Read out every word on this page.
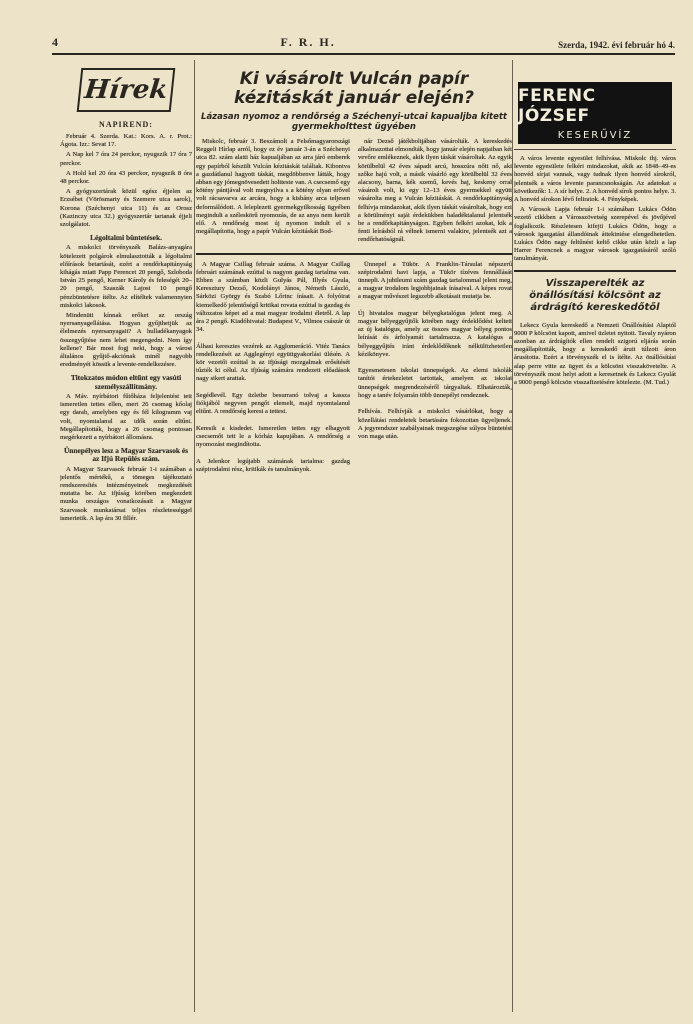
4	F. R. H.	Szerda, 1942. évi február hó 4.
Hírek
NAPIREND:

Február 4. Szerda. Kat.: Kors. A. r. Prot.: Ágota. Izr.: Sevat 17.

A Nap kel 7 óra 24 perckor, nyugszik 17 óra 7 perckor.

A Hold kel 20 óra 43 perckor, nyugszik 8 óra 48 perckor.

A gyógyszertárak közül egész éjjelen az Erzsébet (Vörösmarty és Szemere utca sarok), Korona (Széchenyi utca 11) és az Orosz (Kazinczy utca 32.) gyógyszertár tartanak éjjeli szolgálatot.

Légoltalmi büntetések.

A miskolci törvényszék Balázs-anyagára kötelezett polgárok elmulasztották a légoltalmi előírások betartását, ezért a rendőrkapitányság kihágás miatt Papp Ferencet 20 pengő, Szloboda István 25 pengő, Kerner Károly és feleségét 20–20 pengő, Szaszák Lajost 10 pengő pénzbüntetésre ítélte. Az elítéltek valamennyien miskolci lakosok.

Mindenütt kínnak erőket az ország nyersanyagellátása. Hogyan gyűjthetjük az élelmezés nyersanyagait? A hulladékanyagok összegyűjtése nem lehet megengedni. Nem így kellene? Bár most fogj neki, hogy a városi általános gyűjtő-akciónak minél nagyobb eredményét kössük a levente-rendelkezésre.

Titokzatos módon eltűnt egy vasúti személyszállítmány.

A Máv. nyírbátori fűtőháza feljelentést tett ismeretlen tettes ellen, mert 26 csomag kőolaj egy darab, amelyben egy és fél kilogramm vaj volt, nyomtalanul az idők során eltűnt. Megállapították, hogy a 26 csomag pontosan megérkezett a nyírbátori állomásra.

Ünnepélyes lesz a Magyar Szarvasok és az Ifjú Repülés szám.

A Magyar Szarvasok február 1-i számában a jelentős mértékű, a tömeges tájékoztató rendszeresítés intézményeinek megkezdését mutatta be. Az ifjúság körében megkezdett munka országos vonatkozásait a Magyar Szarvasok munkatársai teljes részletességgel ismertetik. A lap ára 30 fillér.

Ki vásárolt Vulcán papír kézitáskát január elején?
Lázasan nyomoz a rendőrség a Széchenyi-utcai kapualjba kitett gyermekholttest ügyében

Miskolc, február 3. Beszámolt a Felsőmagyarországi Reggeli Hírlap arról, hogy ez év január 3-án a Széchenyi utca 82. szám alatti ház kapualjában az arra járó emberek egy papírból készült Vulcán kézitáskát találtak. Kibontva a gazdátlanul hagyott táskát, megdöbbenve látták, hogy abban egy jómegnövesedett holtteste van. A csecsemő egy kötény pántjával volt megnyilva s a kötény olyan erővel volt rácsavarva az arcára, hogy a kisbány arca teljesen deformálódott. A leleplezett gyermekgyilkosság ügyében megindult a széleskörű nyomozás, de az anya nem került elő. A rendőrség most új nyomon indult el s megállapította, hogy a papír Vulcán kézitáskát Bod-

nár Dezső játékboltjában vásárolták. A kereskedés alkalmazottai elmondták, hogy január elején napjaiban két vevőre emlékeznek, akik ilyen táskát vásároltak. Az egyik körülbelül 42 éves sápadt arcú, hosszúra nőtt nő, aki szőke hajú volt, a másik vásárló egy körülbelül 32 éves alacsony, barna, kék szemű, kevés haj, keskeny orral vásárolt volt, ki egy 12–13 éves gyermekkel együtt vásárolta meg a Vulcán kézitáskát. A rendőrkapitányság felhívja mindazokat, akik ilyen táskát vásároltak, hogy ezt a körülményt saját érdekükben haladéktalanul jelentsék be a rendőrkapitányságon. Egyben felkéri azokat, kik a fenti leírásból rá vélnek ismerni valakire, jelentsék azt a rendőrhatóságnál.

A Magyar Csillag február száma. A Magyar Csillag februári számának ezúttal is nagyon gazdag tartalma van. Ebben a számban közli Gulyás Pál, Illyés Gyula, Keresztury Dezső, Kodolányi János, Németh László, Sárközi György és Szabó Lőrinc írásait. A folyóirat kiemelkedő jelentőségű kritikai rovata ezúttal is gazdag és változatos képet ad a mai magyar irodalmi életről. A lap ára 2 pengő. Kiadóhivatal: Budapest V., Vilmos császár út 34.

Álhasi keresztes vezérek az Agglomeráció. Vitéz Tanács rendelkezését az Agglegényi együttgyakorlási ülésén. A kör vezetői ezúttal is az ifjúsági mozgalmak erősítését tűzték ki célul. Az ifjúság számára rendezett előadások nagy sikert arattak.

Segédlevél. Egy üzletbe besurranó tolvaj a kassza fiókjából negyven pengőt elemelt, majd nyomtalanul eltűnt. A rendőrség keresi a tettest.

Keresik a kisdedet. Ismeretlen tettes egy elhagyott csecsemőt tett le a kórház kapujában. A rendőrség a nyomozást megindította.

A Jelenkor legújabb számának tartalma: gazdag szépirodalmi rész, kritikák és tanulmányok.

Ünnepel a Tükör. A Franklin-Társulat népszerű szépirodalmi havi lapja, a Tükör tízéves fennállását ünnepli. A jubileumi szám gazdag tartalommal jelent meg, a magyar irodalom legjobbjainak írásaival. A képes rovat a magyar művészet legszebb alkotásait mutatja be.

Új hivatalos magyar bélyegkatalógus jelent meg. A magyar bélyeggyűjtők körében nagy érdeklődést keltett az új katalógus, amely az összes magyar bélyeg pontos leírását és árfolyamát tartalmazza. A katalógus a bélyeggyűjtés iránt érdeklődőknek nélkülözhetetlen kézikönyve.

Egyesmetesen iskolai ünnepségek. Az elemi iskolák tanítói értekezletet tartottak, amelyen az iskolai ünnepségek megrendezéséről tárgyaltak. Elhatározták, hogy a tanév folyamán több ünnepélyt rendeznek.

Felhívás. Felhívják a miskolci vásárlókat, hogy a közellátási rendeletek betartására fokozottan ügyeljenek. A jegyrendszer szabályainak megszegése súlyos büntetést von maga után.

FERENC JÓZSEF
KESERŰVÍZ

A város levente egyesület felhívása. Miskolc thj. város levente egyesülete felkéri mindazokat, akik az 1848–49-es honvéd sírjai vannak, vagy tudnak ilyen honvéd sírokról, jelentsék a város levente parancsnokságán. Az adatokat a következők: 1. A sír helye. 2. A honvéd sírok pontos helye. 3. A honvéd sírokon lévő feliratok. 4. Fényképek.

A Városok Lapja február 1-i számában Lukács Ödön vezető cikkben a Városszövetség szerepével és jövőjével foglalkozik. Részletesen kifejti Lukács Ödön, hogy a városok igazgatási állandóinak áttekintése elengedhetetlen. Lukács Ödön nagy feltűnést keltő cikke után közli a lap Harrer Ferencnek a magyar városok igazgatásáról szóló tanulmányát.

Visszaperelték az önállósítási kölcsönt az árdrágító kereskedőtől

Lekecz Gyula kereskedő a Nemzeti Önállósítási Alaptól 9000 P kölcsönt kapott, amivel üzletet nyitott. Tavaly nyáron azonban az árdrágítók ellen rendelt szigorú eljárás során megállapították, hogy a kereskedő áruit túlzott áron árusította. Ezért a törvényszék el is ítélte. Az önállósítási alap perre vitte az ügyet és a kölcsönt visszakövetelte. A törvényszék most helyt adott a keresetnek és Lekecz Gyulát a 9000 pengő kölcsön visszafizetésére kötelezte. (M. Tud.)
